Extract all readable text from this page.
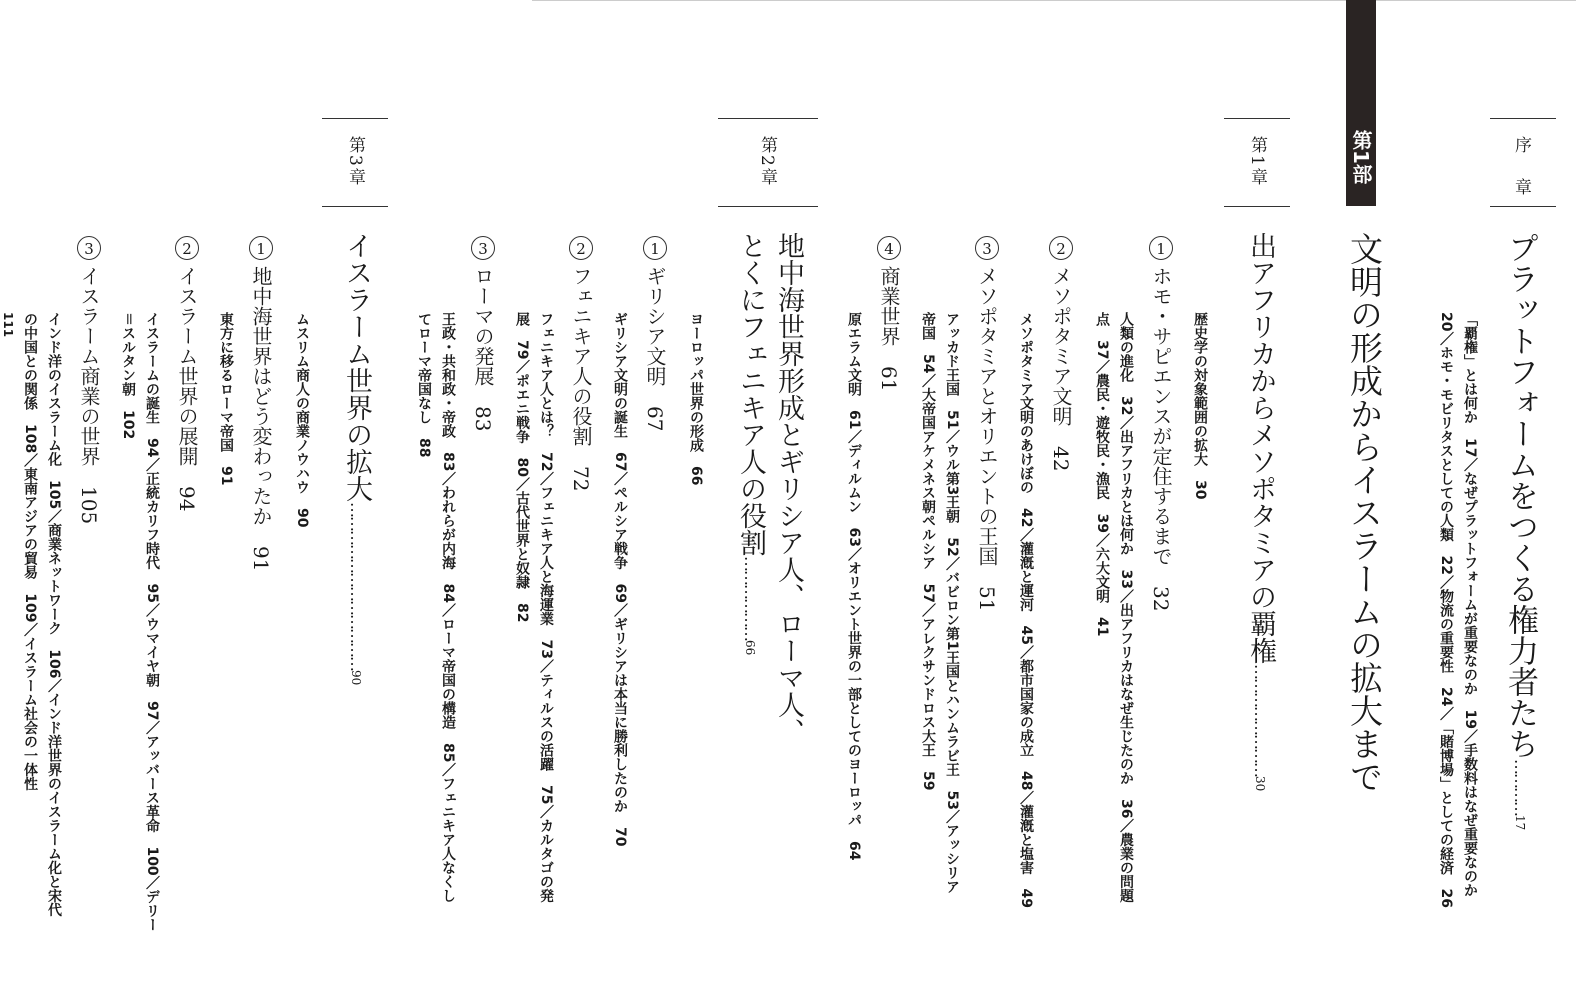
序　章
プラットフォームをつくる権力者たち…………17
「覇権」とは何か　17／なぜプラットフォームが重要なのか　19／手数料はなぜ重要なのか
20／ホモ・モビリタスとしての人類　22／物流の重要性　24／「賭博場」としての経済　26
第1部
文明の形成からイスラームの拡大まで
第1章
出アフリカからメソポタミアの覇権……………………30
歴史学の対象範囲の拡大　30
1ホモ・サピエンスが定住するまで　32
人類の進化　32／出アフリカとは何か　33／出アフリカはなぜ生じたのか　36／農業の問題
点　37／農民・遊牧民・漁民　39／六大文明　41
2メソポタミア文明　42
メソポタミア文明のあけぼの　42／灌漑と運河　45／都市国家の成立　48／灌漑と塩害　49
3メソポタミアとオリエントの王国　51
アッカド王国　51／ウル第3王朝　52／バビロン第1王国とハンムラビ王　53／アッシリア
帝国　54／大帝国アケメネス朝ペルシア　57／アレクサンドロス大王　59
4商業世界　61
原エラム文明　61／ディルムン　63／オリエント世界の一部としてのヨーロッパ　64
第2章
地中海世界形成とギリシア人、ローマ人、
とくにフェニキア人の役割………………66
ヨーロッパ世界の形成　66
1ギリシア文明　67
ギリシア文明の誕生　67／ペルシア戦争　69／ギリシアは本当に勝利したのか　70
2フェニキア人の役割　72
フェニキア人とは？　72／フェニキア人と海運業　73／ティルスの活躍　75／カルタゴの発
展　79／ポエニ戦争　80／古代世界と奴隷　82
3ローマの発展　83
王政・共和政・帝政　83／われらが内海　84／ローマ帝国の構造　85／フェニキア人なくし
てローマ帝国なし　88
第3章
イスラーム世界の拡大………………………………90
ムスリム商人の商業ノウハウ　90
1地中海世界はどう変わったか　91
東方に移るローマ帝国　91
2イスラーム世界の展開　94
イスラームの誕生　94／正統カリフ時代　95／ウマイヤ朝　97／アッバース革命　100／デリー
＝スルタン朝　102
3イスラーム商業の世界　105
インド洋のイスラーム化　105／商業ネットワーク　106／インド洋世界のイスラーム化と宋代
の中国との関係　108／東南アジアの貿易　109／イスラーム社会の一体性
111
